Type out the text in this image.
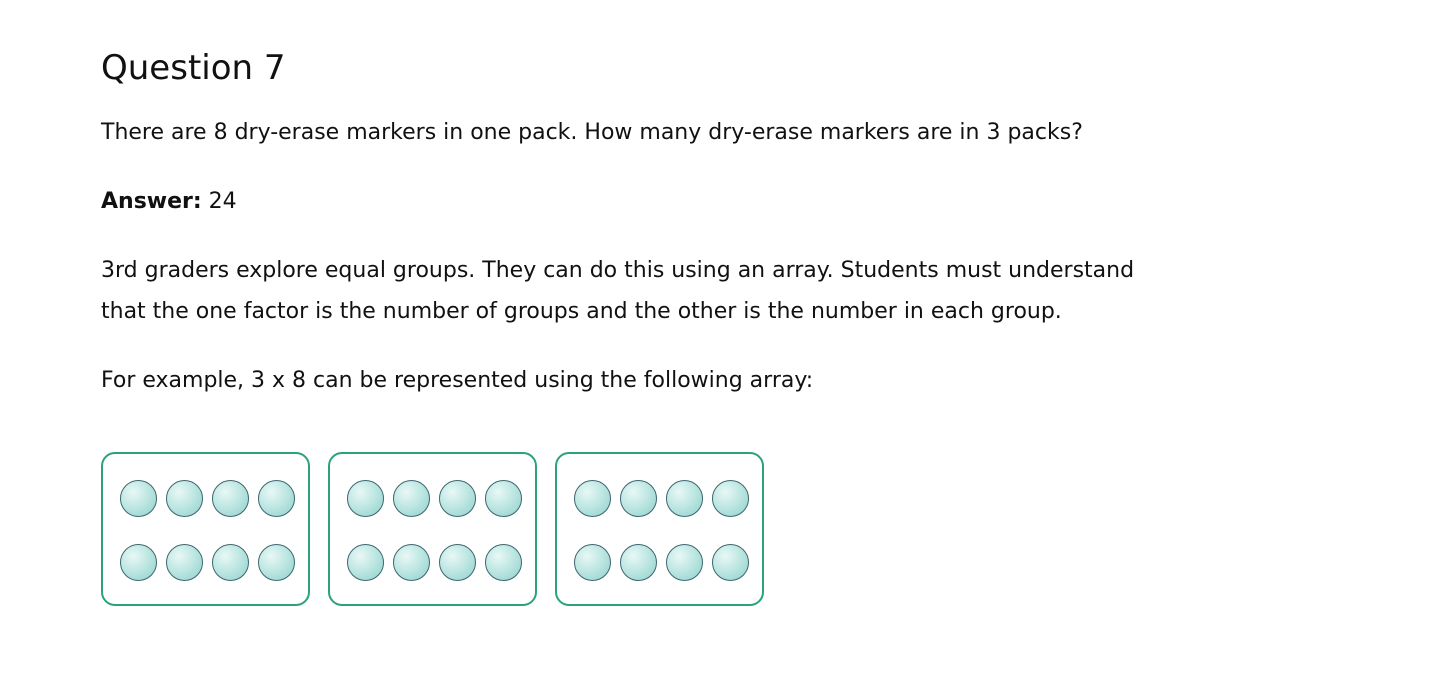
Question 7

There are 8 dry-erase markers in one pack. How many dry-erase markers are in 3 packs?

Answer: 24

3rd graders explore equal groups. They can do this using an array. Students must understand
that the one factor is the number of groups and the other is the number in each group.

For example, 3 x 8 can be represented using the following array:
